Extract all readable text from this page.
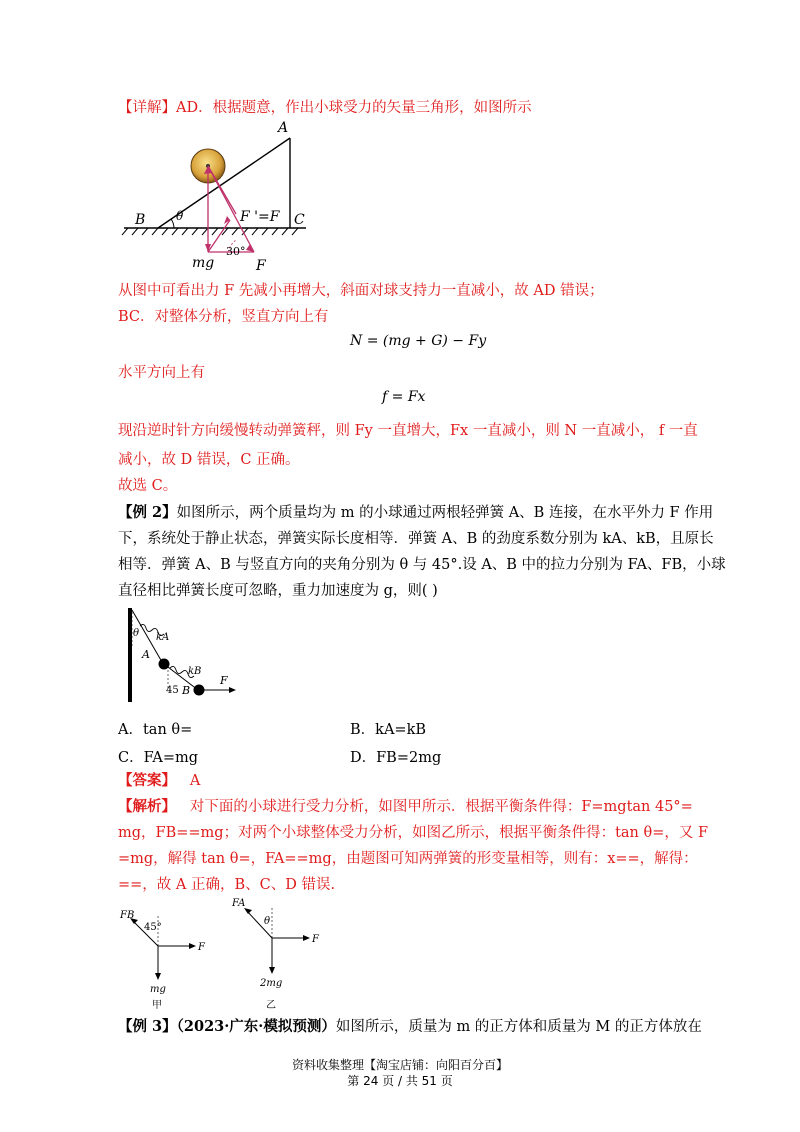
【详解】AD．根据题意，作出小球受力的矢量三角形，如图所示
A
B	C
θ	F '=F
mg	F
30°
从图中可看出力 F 先减小再增大，斜面对球支持力一直减小，故 AD 错误；
BC．对整体分析，竖直方向上有
N = (mg + G) − Fy
水平方向上有
f = Fx
现沿逆时针方向缓慢转动弹簧秤，则 Fy 一直增大，Fx 一直减小，则 N 一直减小， f 一直
减小，故 D 错误，C 正确。
故选 C。
【例 2】如图所示，两个质量均为 m 的小球通过两根轻弹簧 A、B 连接，在水平外力 F 作用
下，系统处于静止状态，弹簧实际长度相等．弹簧 A、B 的劲度系数分别为 kA、kB，且原长
相等．弹簧 A、B 与竖直方向的夹角分别为 θ 与 45°.设 A、B 中的拉力分别为 FA、FB，小球
直径相比弹簧长度可忽略，重力加速度为 g，则( )
θ kA
A
kB
B
45
F
A．tan θ=	B．kA=kB
C．FA=mg	D．FB=2mg
【答案】 A
【解析】 对下面的小球进行受力分析，如图甲所示．根据平衡条件得：F=mgtan 45°=
mg，FB==mg；对两个小球整体受力分析，如图乙所示，根据平衡条件得：tan θ=，又 F
=mg，解得 tan θ=，FA==mg，由题图可知两弹簧的形变量相等，则有：x==，解得：
==，故 A 正确，B、C、D 错误.
FB
45°
F
mg
甲
FA
θ
F
2mg
乙
【例 3】（2023·广东·模拟预测）如图所示，质量为 m 的正方体和质量为 M 的正方体放在
资料收集整理【淘宝店铺：向阳百分百】
第 24 页 / 共 51 页
